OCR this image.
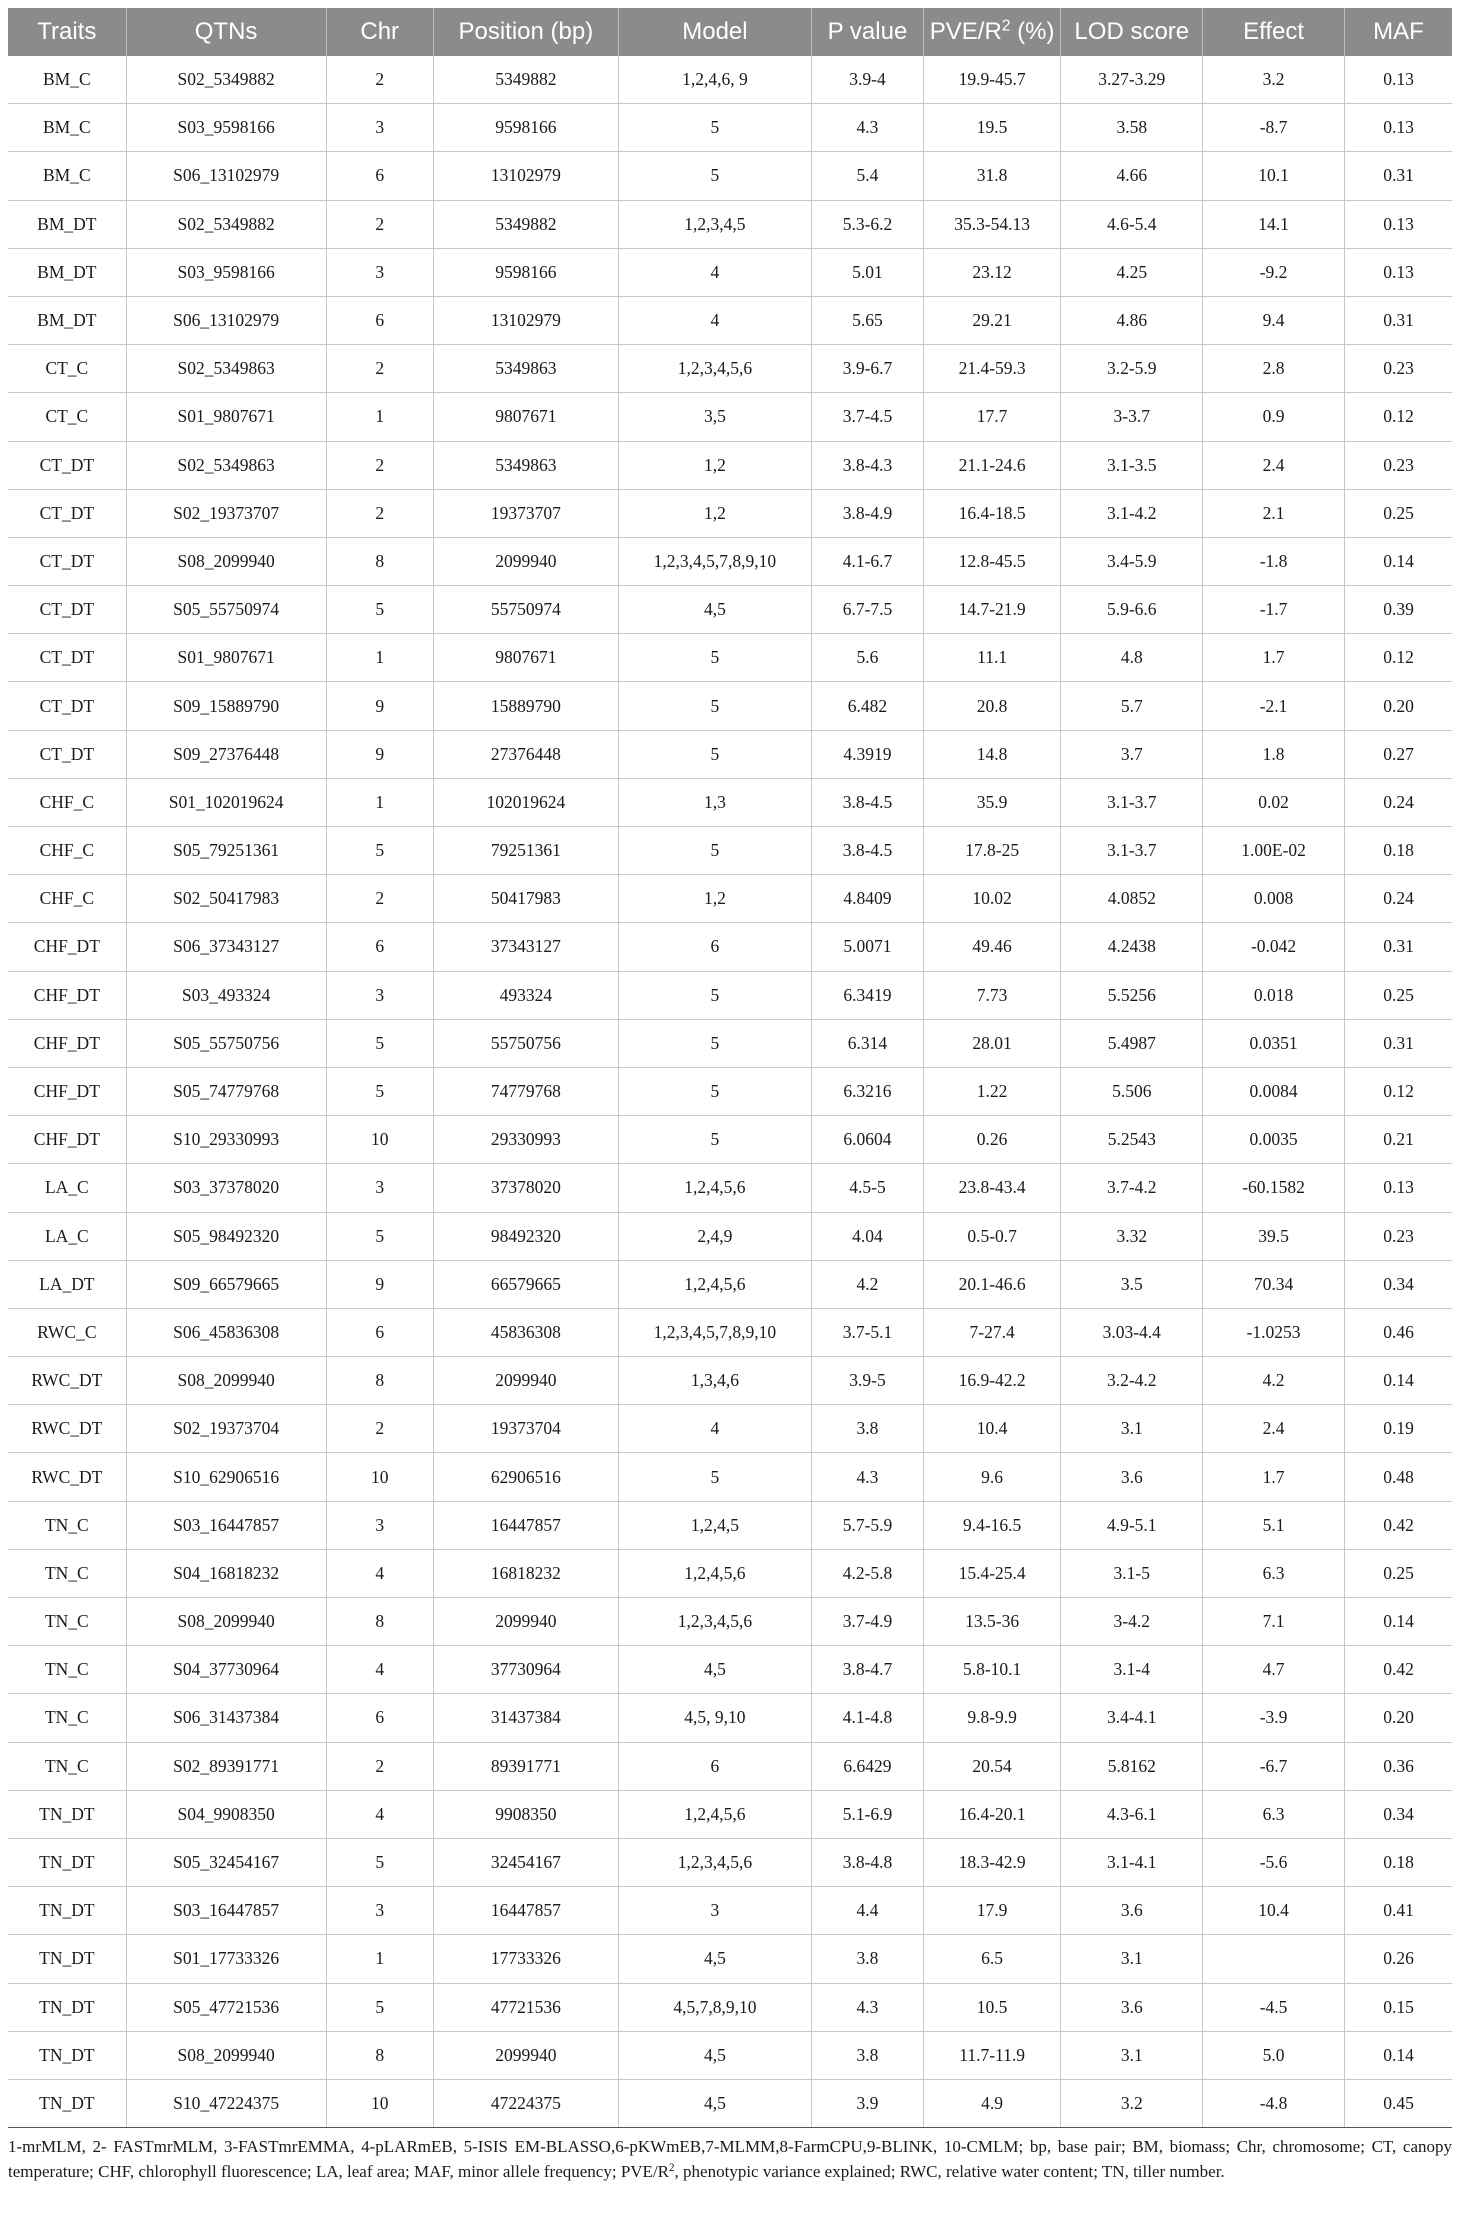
Traits	QTNs	Chr	Position (bp)	Model	P value	PVE/$R^2$ (%)	LOD score	Effect	MAF
BM_C	S02_5349882	2	5349882	1,2,4,6, 9	3.9-4	19.9-45.7	3.27-3.29	3.2	0.13
BM_C	S03_9598166	3	9598166	5	4.3	19.5	3.58	-8.7	0.13
BM_C	S06_13102979	6	13102979	5	5.4	31.8	4.66	10.1	0.31
BM_DT	S02_5349882	2	5349882	1,2,3,4,5	5.3-6.2	35.3-54.13	4.6-5.4	14.1	0.13
BM_DT	S03_9598166	3	9598166	4	5.01	23.12	4.25	-9.2	0.13
BM_DT	S06_13102979	6	13102979	4	5.65	29.21	4.86	9.4	0.31
CT_C	S02_5349863	2	5349863	1,2,3,4,5,6	3.9-6.7	21.4-59.3	3.2-5.9	2.8	0.23
CT_C	S01_9807671	1	9807671	3,5	3.7-4.5	17.7	3-3.7	0.9	0.12
CT_DT	S02_5349863	2	5349863	1,2	3.8-4.3	21.1-24.6	3.1-3.5	2.4	0.23
CT_DT	S02_19373707	2	19373707	1,2	3.8-4.9	16.4-18.5	3.1-4.2	2.1	0.25
CT_DT	S08_2099940	8	2099940	1,2,3,4,5,7,8,9,10	4.1-6.7	12.8-45.5	3.4-5.9	-1.8	0.14
CT_DT	S05_55750974	5	55750974	4,5	6.7-7.5	14.7-21.9	5.9-6.6	-1.7	0.39
CT_DT	S01_9807671	1	9807671	5	5.6	11.1	4.8	1.7	0.12
CT_DT	S09_15889790	9	15889790	5	6.482	20.8	5.7	-2.1	0.20
CT_DT	S09_27376448	9	27376448	5	4.3919	14.8	3.7	1.8	0.27
CHF_C	S01_102019624	1	102019624	1,3	3.8-4.5	35.9	3.1-3.7	0.02	0.24
CHF_C	S05_79251361	5	79251361	5	3.8-4.5	17.8-25	3.1-3.7	1.00E-02	0.18
CHF_C	S02_50417983	2	50417983	1,2	4.8409	10.02	4.0852	0.008	0.24
CHF_DT	S06_37343127	6	37343127	6	5.0071	49.46	4.2438	-0.042	0.31
CHF_DT	S03_493324	3	493324	5	6.3419	7.73	5.5256	0.018	0.25
CHF_DT	S05_55750756	5	55750756	5	6.314	28.01	5.4987	0.0351	0.31
CHF_DT	S05_74779768	5	74779768	5	6.3216	1.22	5.506	0.0084	0.12
CHF_DT	S10_29330993	10	29330993	5	6.0604	0.26	5.2543	0.0035	0.21
LA_C	S03_37378020	3	37378020	1,2,4,5,6	4.5-5	23.8-43.4	3.7-4.2	-60.1582	0.13
LA_C	S05_98492320	5	98492320	2,4,9	4.04	0.5-0.7	3.32	39.5	0.23
LA_DT	S09_66579665	9	66579665	1,2,4,5,6	4.2	20.1-46.6	3.5	70.34	0.34
RWC_C	S06_45836308	6	45836308	1,2,3,4,5,7,8,9,10	3.7-5.1	7-27.4	3.03-4.4	-1.0253	0.46
RWC_DT	S08_2099940	8	2099940	1,3,4,6	3.9-5	16.9-42.2	3.2-4.2	4.2	0.14
RWC_DT	S02_19373704	2	19373704	4	3.8	10.4	3.1	2.4	0.19
RWC_DT	S10_62906516	10	62906516	5	4.3	9.6	3.6	1.7	0.48
TN_C	S03_16447857	3	16447857	1,2,4,5	5.7-5.9	9.4-16.5	4.9-5.1	5.1	0.42
TN_C	S04_16818232	4	16818232	1,2,4,5,6	4.2-5.8	15.4-25.4	3.1-5	6.3	0.25
TN_C	S08_2099940	8	2099940	1,2,3,4,5,6	3.7-4.9	13.5-36	3-4.2	7.1	0.14
TN_C	S04_37730964	4	37730964	4,5	3.8-4.7	5.8-10.1	3.1-4	4.7	0.42
TN_C	S06_31437384	6	31437384	4,5, 9,10	4.1-4.8	9.8-9.9	3.4-4.1	-3.9	0.20
TN_C	S02_89391771	2	89391771	6	6.6429	20.54	5.8162	-6.7	0.36
TN_DT	S04_9908350	4	9908350	1,2,4,5,6	5.1-6.9	16.4-20.1	4.3-6.1	6.3	0.34
TN_DT	S05_32454167	5	32454167	1,2,3,4,5,6	3.8-4.8	18.3-42.9	3.1-4.1	-5.6	0.18
TN_DT	S03_16447857	3	16447857	3	4.4	17.9	3.6	10.4	0.41
TN_DT	S01_17733326	1	17733326	4,5	3.8	6.5	3.1		0.26
TN_DT	S05_47721536	5	47721536	4,5,7,8,9,10	4.3	10.5	3.6	-4.5	0.15
TN_DT	S08_2099940	8	2099940	4,5	3.8	11.7-11.9	3.1	5.0	0.14
TN_DT	S10_47224375	10	47224375	4,5	3.9	4.9	3.2	-4.8	0.45

1-mrMLM, 2- FASTmrMLM, 3-FASTmrEMMA, 4-pLARmEB, 5-ISIS EM-BLASSO,6-pKWmEB,7-MLMM,8-FarmCPU,9-BLINK, 10-CMLM; bp, base pair; BM, biomass; Chr, chromosome; CT, canopy temperature; CHF, chlorophyll fluorescence; LA, leaf area; MAF, minor allele frequency; PVE/$R^2$, phenotypic variance explained; RWC, relative water content; TN, tiller number.
